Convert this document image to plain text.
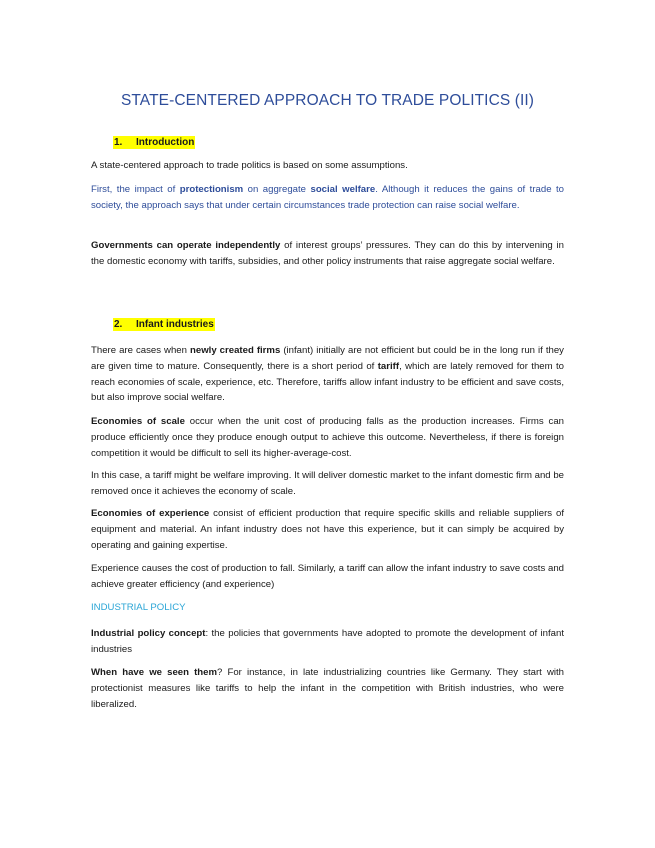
STATE-CENTERED APPROACH TO TRADE POLITICS (II)
1. Introduction
A state-centered approach to trade politics is based on some assumptions.
First, the impact of protectionism on aggregate social welfare. Although it reduces the gains of trade to society, the approach says that under certain circumstances trade protection can raise social welfare.
Governments can operate independently of interest groups’ pressures. They can do this by intervening in the domestic economy with tariffs, subsidies, and other policy instruments that raise aggregate social welfare.
2. Infant industries
There are cases when newly created firms (infant) initially are not efficient but could be in the long run if they are given time to mature. Consequently, there is a short period of tariff, which are lately removed for them to reach economies of scale, experience, etc. Therefore, tariffs allow infant industry to be efficient and save costs, but also improve social welfare.
Economies of scale occur when the unit cost of producing falls as the production increases. Firms can produce efficiently once they produce enough output to achieve this outcome. Nevertheless, if there is foreign competition it would be difficult to sell its higher-average-cost.
In this case, a tariff might be welfare improving. It will deliver domestic market to the infant domestic firm and be removed once it achieves the economy of scale.
Economies of experience consist of efficient production that require specific skills and reliable suppliers of equipment and material. An infant industry does not have this experience, but it can simply be acquired by operating and gaining expertise.
Experience causes the cost of production to fall. Similarly, a tariff can allow the infant industry to save costs and achieve greater efficiency (and experience)
INDUSTRIAL POLICY
Industrial policy concept: the policies that governments have adopted to promote the development of infant industries
When have we seen them? For instance, in late industrializing countries like Germany. They start with protectionist measures like tariffs to help the infant in the competition with British industries, who were liberalized.
